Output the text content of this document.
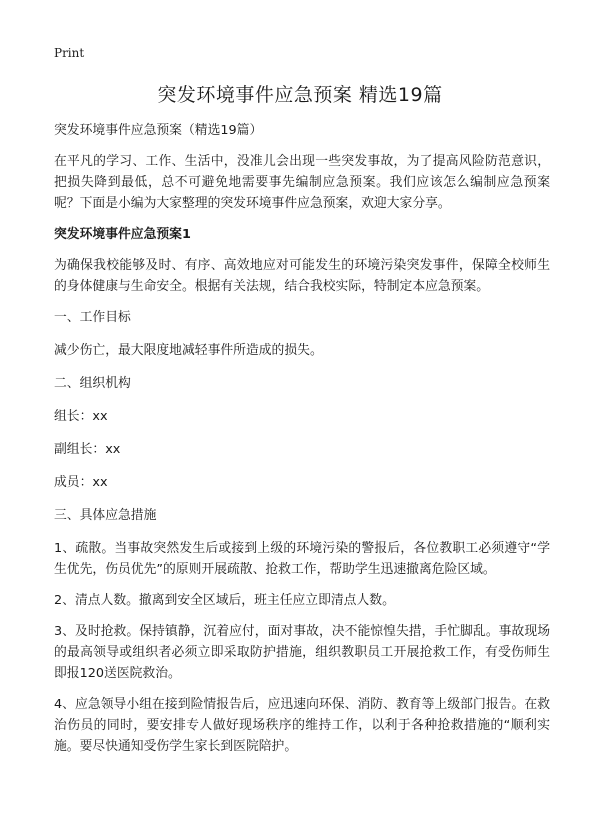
Print
突发环境事件应急预案 精选19篇

突发环境事件应急预案（精选19篇）

在平凡的学习、工作、生活中，没准儿会出现一些突发事故，为了提高风险防范意识，把损失降到最低，总不可避免地需要事先编制应急预案。我们应该怎么编制应急预案呢？下面是小编为大家整理的突发环境事件应急预案，欢迎大家分享。

突发环境事件应急预案1

为确保我校能够及时、有序、高效地应对可能发生的环境污染突发事件，保障全校师生的身体健康与生命安全。根据有关法规，结合我校实际，特制定本应急预案。

一、工作目标

减少伤亡，最大限度地减轻事件所造成的损失。

二、组织机构

组长：xx

副组长：xx

成员：xx

三、具体应急措施

1、疏散。当事故突然发生后或接到上级的环境污染的警报后，各位教职工必须遵守“学生优先，伤员优先”的原则开展疏散、抢救工作，帮助学生迅速撤离危险区域。

2、清点人数。撤离到安全区域后，班主任应立即清点人数。

3、及时抢救。保持镇静，沉着应付，面对事故，决不能惊惶失措，手忙脚乱。事故现场的最高领导或组织者必须立即采取防护措施，组织教职员工开展抢救工作，有受伤师生即报120送医院救治。

4、应急领导小组在接到险情报告后，应迅速向环保、消防、教育等上级部门报告。在救治伤员的同时，要安排专人做好现场秩序的维持工作，以利于各种抢救措施的“顺利实施。要尽快通知受伤学生家长到医院陪护。
